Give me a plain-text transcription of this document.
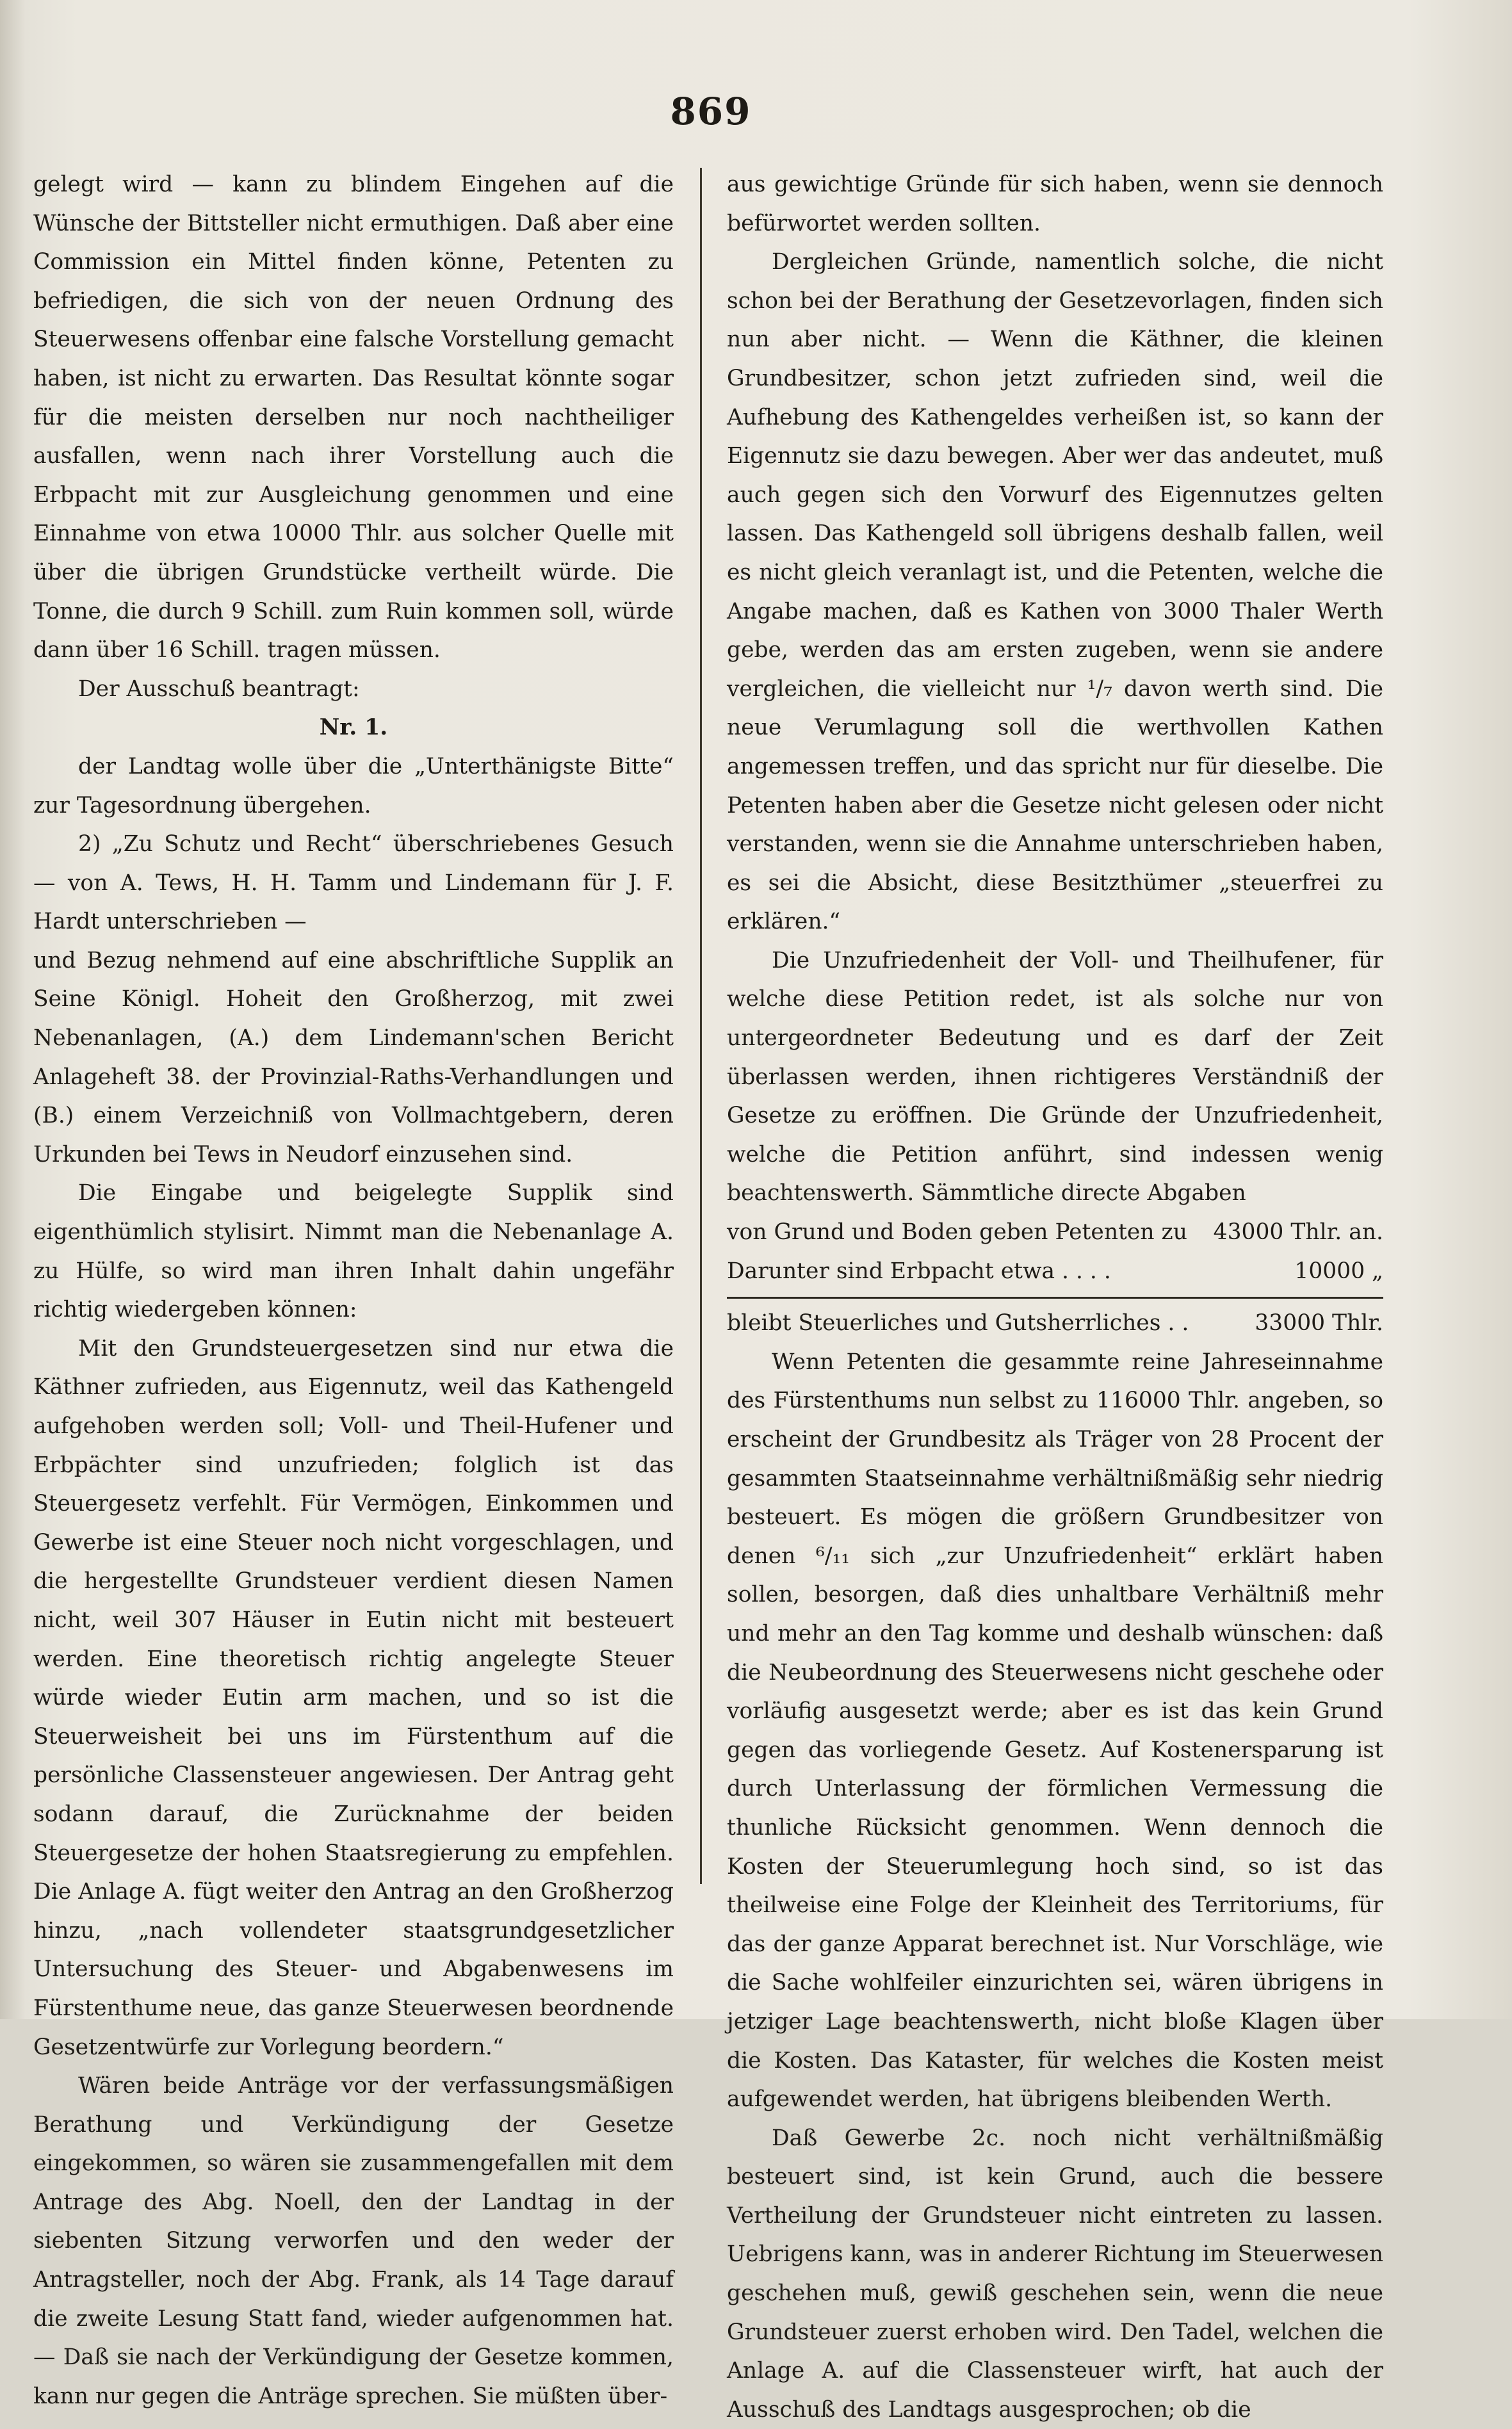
869

gelegt wird — kann zu blindem Eingehen auf die Wünsche der Bittsteller nicht ermuthigen. Daß aber eine Commission ein Mittel finden könne, Petenten zu befriedigen, die sich von der neuen Ordnung des Steuerwesens offenbar eine falsche Vorstellung gemacht haben, ist nicht zu erwarten. Das Resultat könnte sogar für die meisten derselben nur noch nachtheiliger ausfallen, wenn nach ihrer Vorstellung auch die Erbpacht mit zur Ausgleichung genommen und eine Einnahme von etwa 10000 Thlr. aus solcher Quelle mit über die übrigen Grundstücke vertheilt würde. Die Tonne, die durch 9 Schill. zum Ruin kommen soll, würde dann über 16 Schill. tragen müssen.

Der Ausschuß beantragt:

Nr. 1.

der Landtag wolle über die „Unterthänigste Bitte“ zur Tagesordnung übergehen.

2) „Zu Schutz und Recht“ überschriebenes Gesuch — von A. Tews, H. H. Tamm und Lindemann für J. F. Hardt unterschrieben —

und Bezug nehmend auf eine abschriftliche Supplik an Seine Königl. Hoheit den Großherzog, mit zwei Nebenanlagen, (A.) dem Lindemann'schen Bericht Anlageheft 38. der Provinzial-Raths-Verhandlungen und (B.) einem Verzeichniß von Vollmachtgebern, deren Urkunden bei Tews in Neudorf einzusehen sind.

Die Eingabe und beigelegte Supplik sind eigenthümlich stylisirt. Nimmt man die Nebenanlage A. zu Hülfe, so wird man ihren Inhalt dahin ungefähr richtig wiedergeben können:

Mit den Grundsteuergesetzen sind nur etwa die Käthner zufrieden, aus Eigennutz, weil das Kathengeld aufgehoben werden soll; Voll- und Theil-Hufener und Erbpächter sind unzufrieden; folglich ist das Steuergesetz verfehlt. Für Vermögen, Einkommen und Gewerbe ist eine Steuer noch nicht vorgeschlagen, und die hergestellte Grundsteuer verdient diesen Namen nicht, weil 307 Häuser in Eutin nicht mit besteuert werden. Eine theoretisch richtig angelegte Steuer würde wieder Eutin arm machen, und so ist die Steuerweisheit bei uns im Fürstenthum auf die persönliche Classensteuer angewiesen. Der Antrag geht sodann darauf, die Zurücknahme der beiden Steuergesetze der hohen Staatsregierung zu empfehlen. Die Anlage A. fügt weiter den Antrag an den Großherzog hinzu, „nach vollendeter staatsgrundgesetzlicher Untersuchung des Steuer- und Abgabenwesens im Fürstenthume neue, das ganze Steuerwesen beordnende Gesetzentwürfe zur Vorlegung beordern.“

Wären beide Anträge vor der verfassungsmäßigen Berathung und Verkündigung der Gesetze eingekommen, so wären sie zusammengefallen mit dem Antrage des Abg. Noell, den der Landtag in der siebenten Sitzung verworfen und den weder der Antragsteller, noch der Abg. Frank, als 14 Tage darauf die zweite Lesung Statt fand, wieder aufgenommen hat. — Daß sie nach der Verkündigung der Gesetze kommen, kann nur gegen die Anträge sprechen. Sie müßten über-

aus gewichtige Gründe für sich haben, wenn sie dennoch befürwortet werden sollten.

Dergleichen Gründe, namentlich solche, die nicht schon bei der Berathung der Gesetzevorlagen, finden sich nun aber nicht. — Wenn die Käthner, die kleinen Grundbesitzer, schon jetzt zufrieden sind, weil die Aufhebung des Kathengeldes verheißen ist, so kann der Eigennutz sie dazu bewegen. Aber wer das andeutet, muß auch gegen sich den Vorwurf des Eigennutzes gelten lassen. Das Kathengeld soll übrigens deshalb fallen, weil es nicht gleich veranlagt ist, und die Petenten, welche die Angabe machen, daß es Kathen von 3000 Thaler Werth gebe, werden das am ersten zugeben, wenn sie andere vergleichen, die vielleicht nur ¹/₇ davon werth sind. Die neue Verumlagung soll die werthvollen Kathen angemessen treffen, und das spricht nur für dieselbe. Die Petenten haben aber die Gesetze nicht gelesen oder nicht verstanden, wenn sie die Annahme unterschrieben haben, es sei die Absicht, diese Besitzthümer „steuerfrei zu erklären.“

Die Unzufriedenheit der Voll- und Theilhufener, für welche diese Petition redet, ist als solche nur von untergeordneter Bedeutung und es darf der Zeit überlassen werden, ihnen richtigeres Verständniß der Gesetze zu eröffnen. Die Gründe der Unzufriedenheit, welche die Petition anführt, sind indessen wenig beachtenswerth. Sämmtliche directe Abgaben

von Grund und Boden geben Petenten zu 43000 Thlr. an.
Darunter sind Erbpacht etwa . . . .	10000 „
bleibt Steuerliches und Gutsherrliches . .	33000 Thlr.

Wenn Petenten die gesammte reine Jahreseinnahme des Fürstenthums nun selbst zu 116000 Thlr. angeben, so erscheint der Grundbesitz als Träger von 28 Procent der gesammten Staatseinnahme verhältnißmäßig sehr niedrig besteuert. Es mögen die größern Grundbesitzer von denen ⁶/₁₁ sich „zur Unzufriedenheit“ erklärt haben sollen, besorgen, daß dies unhaltbare Verhältniß mehr und mehr an den Tag komme und deshalb wünschen: daß die Neubeordnung des Steuerwesens nicht geschehe oder vorläufig ausgesetzt werde; aber es ist das kein Grund gegen das vorliegende Gesetz. Auf Kostenersparung ist durch Unterlassung der förmlichen Vermessung die thunliche Rücksicht genommen. Wenn dennoch die Kosten der Steuerumlegung hoch sind, so ist das theilweise eine Folge der Kleinheit des Territoriums, für das der ganze Apparat berechnet ist. Nur Vorschläge, wie die Sache wohlfeiler einzurichten sei, wären übrigens in jetziger Lage beachtenswerth, nicht bloße Klagen über die Kosten. Das Kataster, für welches die Kosten meist aufgewendet werden, hat übrigens bleibenden Werth.

Daß Gewerbe 2c. noch nicht verhältnißmäßig besteuert sind, ist kein Grund, auch die bessere Vertheilung der Grundsteuer nicht eintreten zu lassen. Uebrigens kann, was in anderer Richtung im Steuerwesen geschehen muß, gewiß geschehen sein, wenn die neue Grundsteuer zuerst erhoben wird. Den Tadel, welchen die Anlage A. auf die Classensteuer wirft, hat auch der Ausschuß des Landtags ausgesprochen; ob die
